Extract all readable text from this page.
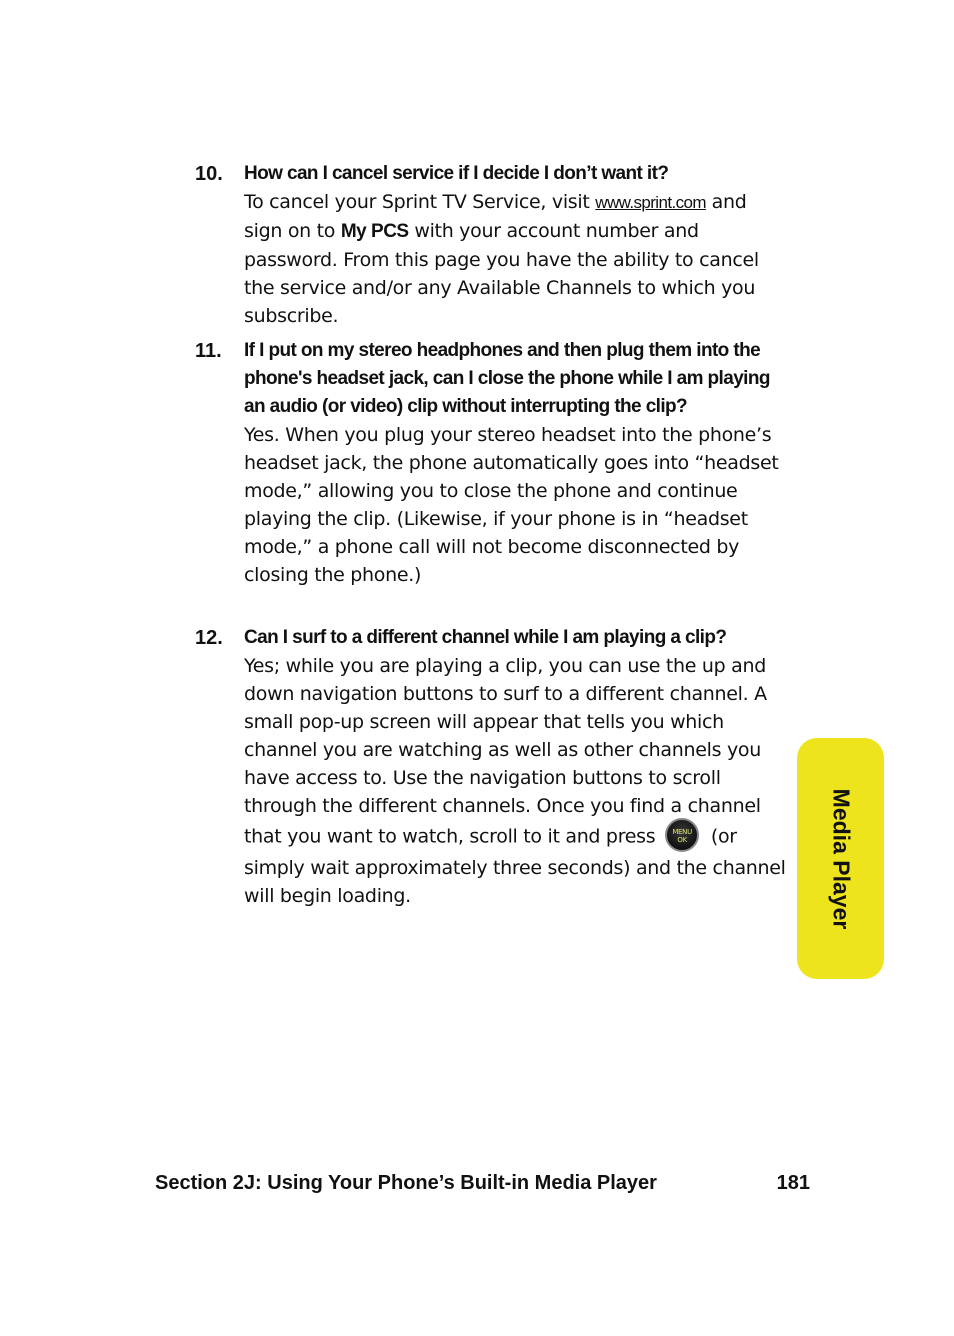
10.	How can I cancel service if I decide I don’t want it?
To cancel your Sprint TV Service, visit www.sprint.com and sign on to My PCS with your account number and password. From this page you have the ability to cancel the service and/or any Available Channels to which you subscribe.
11.	If I put on my stereo headphones and then plug them into the phone's headset jack, can I close the phone while I am playing an audio (or video) clip without interrupting the clip?
Yes. When you plug your stereo headset into the phone’s headset jack, the phone automatically goes into “headset mode,” allowing you to close the phone and continue playing the clip. (Likewise, if your phone is in “headset mode,” a phone call will not become disconnected by closing the phone.)
12.	Can I surf to a different channel while I am playing a clip?
Yes; while you are playing a clip, you can use the up and down navigation buttons to surf to a different channel. A small pop-up screen will appear that tells you which channel you are watching as well as other channels you have access to. Use the navigation buttons to scroll through the different channels. Once you find a channel that you want to watch, scroll to it and press MENU OK (or simply wait approximately three seconds) and the channel will begin loading.	Media Player
Section 2J: Using Your Phone’s Built-in Media Player	181
